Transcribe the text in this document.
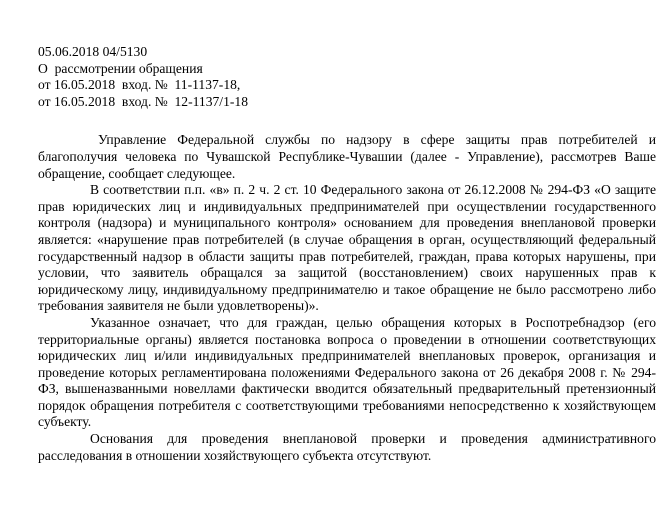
05.06.2018 04/5130

О  рассмотрении обращения

от 16.05.2018  вход. №  11-1137-18,

от 16.05.2018  вход. №  12-1137/1-18

Управление Федеральной службы по надзору в сфере защиты прав потребителей и благополучия человека по Чувашской Республике-Чувашии (далее - Управление), рассмотрев Ваше обращение, сообщает следующее.

В соответствии п.п. «в» п. 2 ч. 2 ст. 10 Федерального закона от 26.12.2008 № 294-ФЗ «О защите прав юридических лиц и индивидуальных предпринимателей при осуществлении государственного контроля (надзора) и муниципального контроля» основанием для проведения внеплановой проверки является: «нарушение прав потребителей (в случае обращения в орган, осуществляющий федеральный государственный надзор в области защиты прав потребителей, граждан, права которых нарушены, при условии, что заявитель обращался за защитой (восстановлением) своих нарушенных прав к юридическому лицу, индивидуальному предпринимателю и такое обращение не было рассмотрено либо требования заявителя не были удовлетворены)».

Указанное означает, что для граждан, целью обращения которых в Роспотребнадзор (его территориальные органы) является постановка вопроса о проведении в отношении соответствующих юридических лиц и/или индивидуальных предпринимателей внеплановых проверок, организация и проведение которых регламентирована положениями Федерального закона от 26 декабря 2008 г. № 294-ФЗ, вышеназванными новеллами фактически вводится обязательный предварительный претензионный порядок обращения потребителя с соответствующими требованиями непосредственно к хозяйствующем субъекту.

Основания для проведения внеплановой проверки и проведения административного расследования в отношении хозяйствующего субъекта отсутствуют.
